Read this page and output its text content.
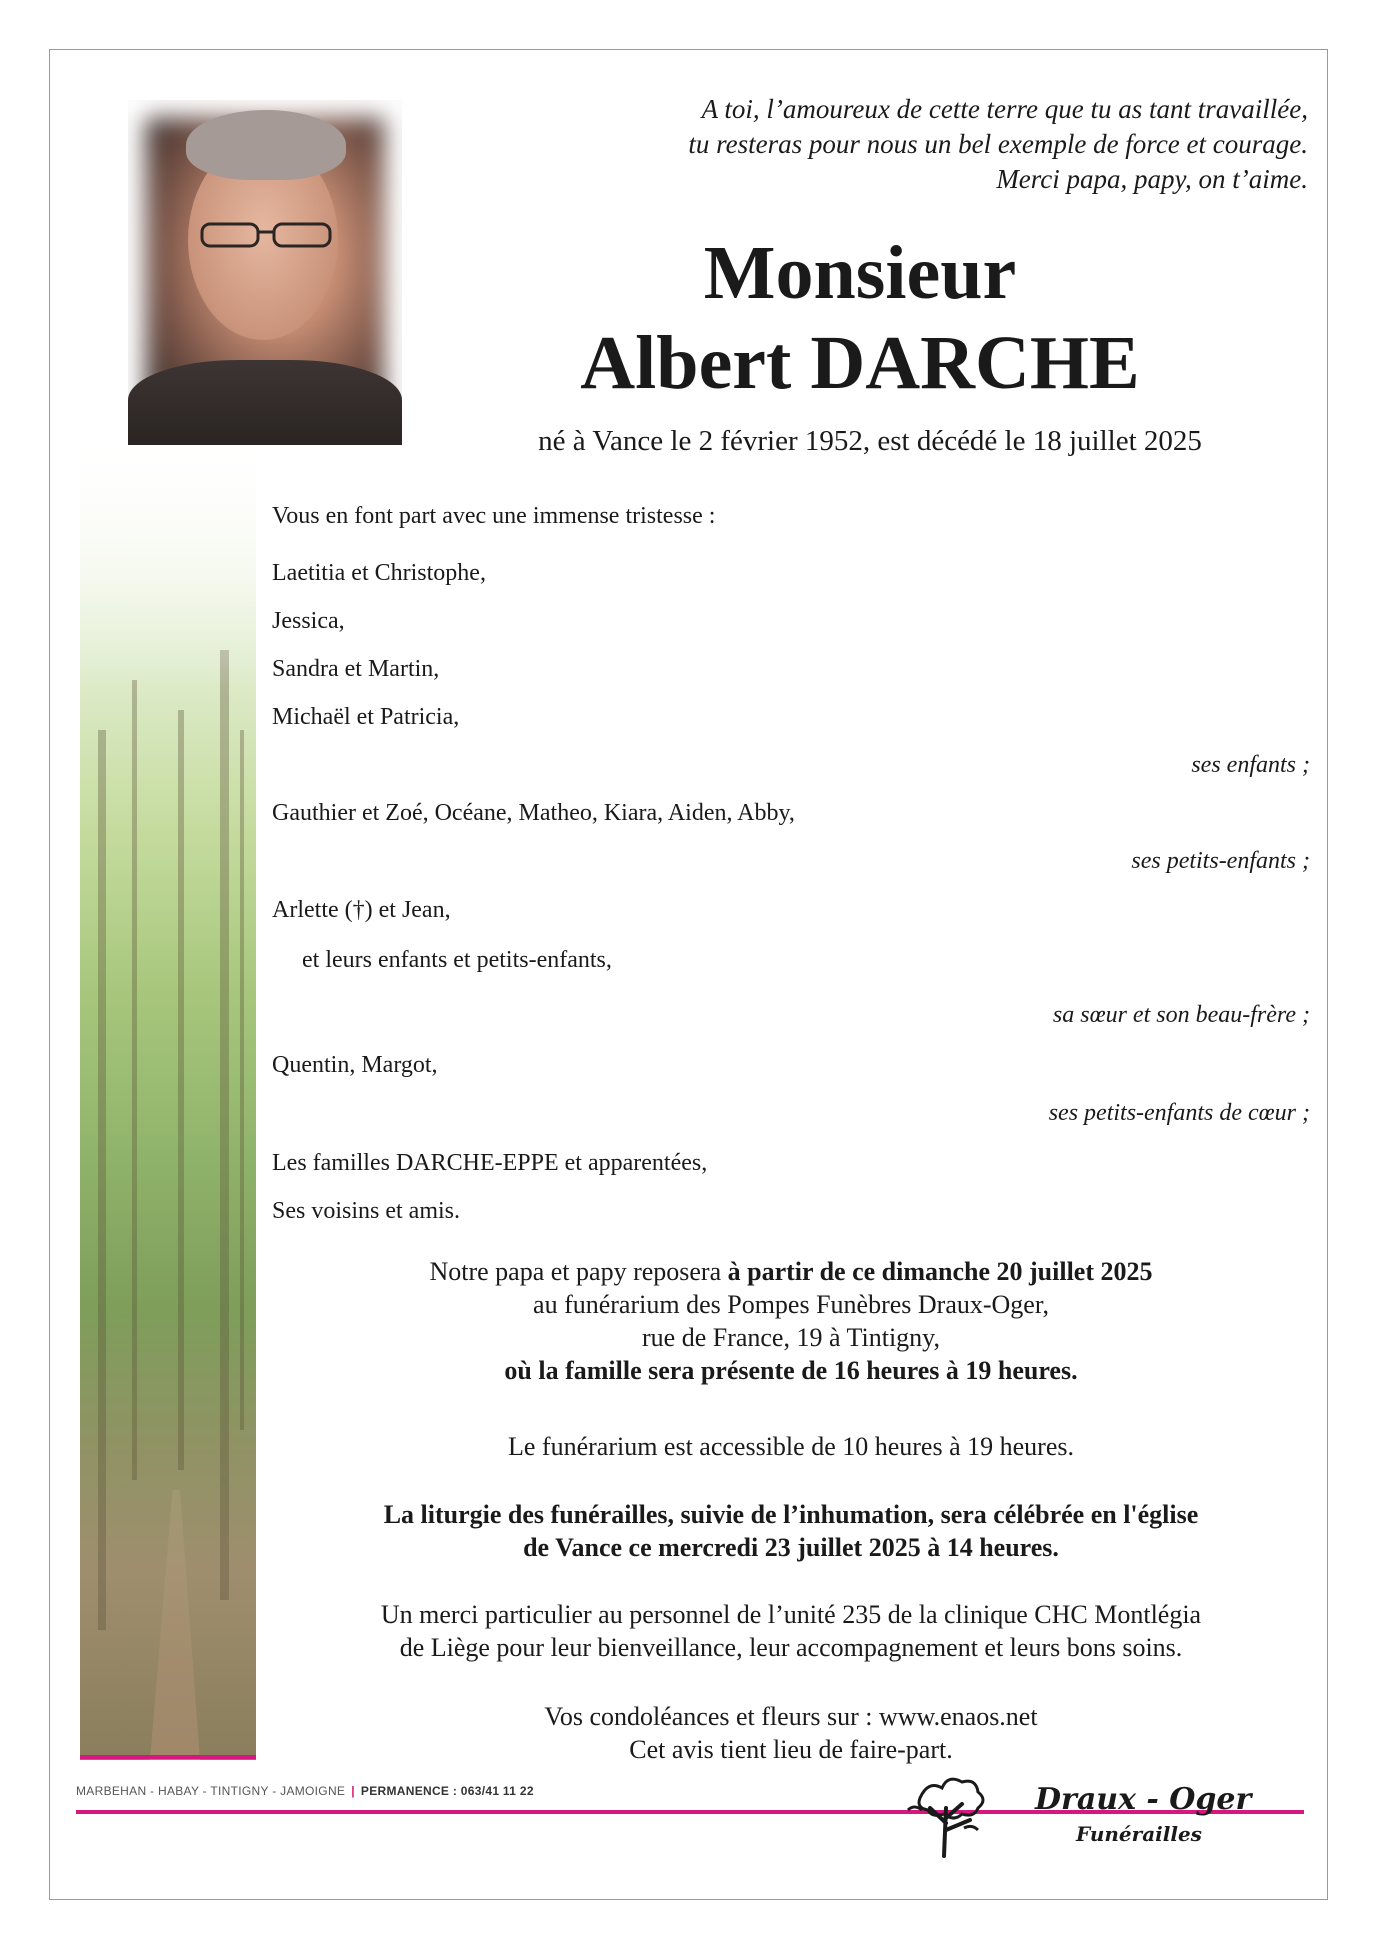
A toi, l’amoureux de cette terre que tu as tant travaillée,
tu resteras pour nous un bel exemple de force et courage.
Merci papa, papy, on t’aime.
Monsieur
Albert DARCHE
né à Vance le 2 février 1952, est décédé le 18 juillet 2025
Vous en font part avec une immense tristesse :
Laetitia et Christophe,
Jessica,
Sandra et Martin,
Michaël et Patricia,
ses enfants ;
Gauthier et Zoé, Océane, Matheo, Kiara, Aiden, Abby,
ses petits-enfants ;
Arlette (†) et Jean,
et leurs enfants et petits-enfants,
sa sœur et son beau-frère ;
Quentin, Margot,
ses petits-enfants de cœur ;
Les familles DARCHE-EPPE et apparentées,
Ses voisins et amis.
Notre papa et papy reposera à partir de ce dimanche 20 juillet 2025
au funérarium des Pompes Funèbres Draux-Oger,
rue de France, 19 à Tintigny,
où la famille sera présente de 16 heures à 19 heures.
Le funérarium est accessible de 10 heures à 19 heures.
La liturgie des funérailles, suivie de l’inhumation, sera célébrée en l'église
de Vance ce mercredi 23 juillet 2025 à 14 heures.
Un merci particulier au personnel de l’unité 235 de la clinique CHC Montlégia
de Liège pour leur bienveillance, leur accompagnement et leurs bons soins.
Vos condoléances et fleurs sur : www.enaos.net
Cet avis tient lieu de faire-part.
MARBEHAN - HABAY - TINTIGNY - JAMOIGNE | PERMANENCE : 063/41 11 22	Draux - Oger
Funérailles
